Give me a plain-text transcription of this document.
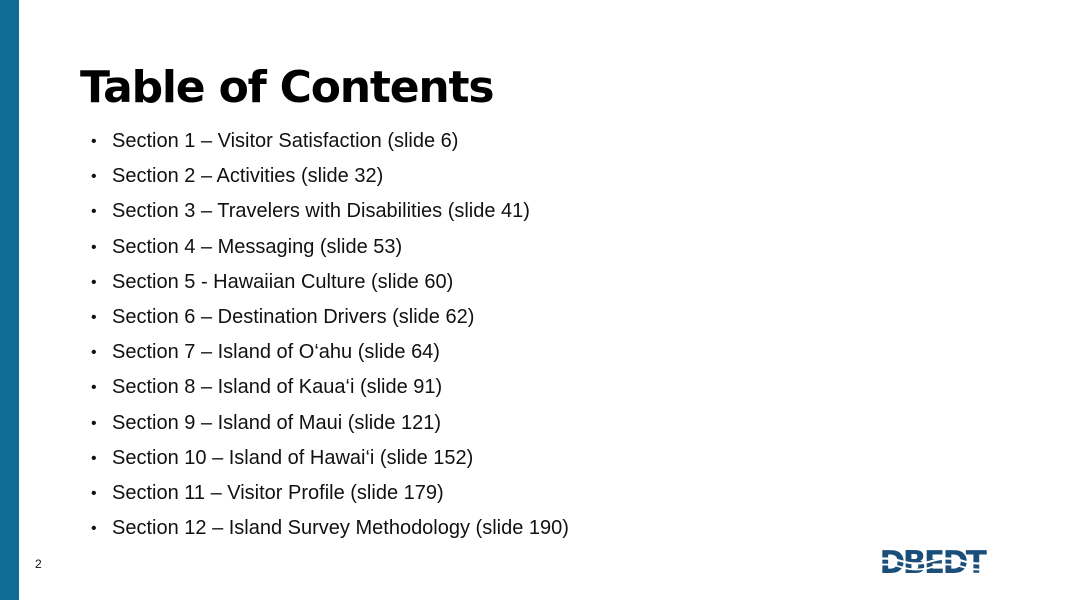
Table of Contents
• Section 1 – Visitor Satisfaction (slide 6)
• Section 2 – Activities (slide 32)
• Section 3 – Travelers with Disabilities (slide 41)
• Section 4 – Messaging (slide 53)
• Section 5 - Hawaiian Culture (slide 60)
• Section 6 – Destination Drivers (slide 62)
• Section 7 – Island of O‘ahu (slide 64)
• Section 8 – Island of Kaua‘i (slide 91)
• Section 9 – Island of Maui (slide 121)
• Section 10 – Island of Hawai‘i (slide 152)
• Section 11 – Visitor Profile (slide 179)
• Section 12 – Island Survey Methodology (slide 190)
2	DBEDT
